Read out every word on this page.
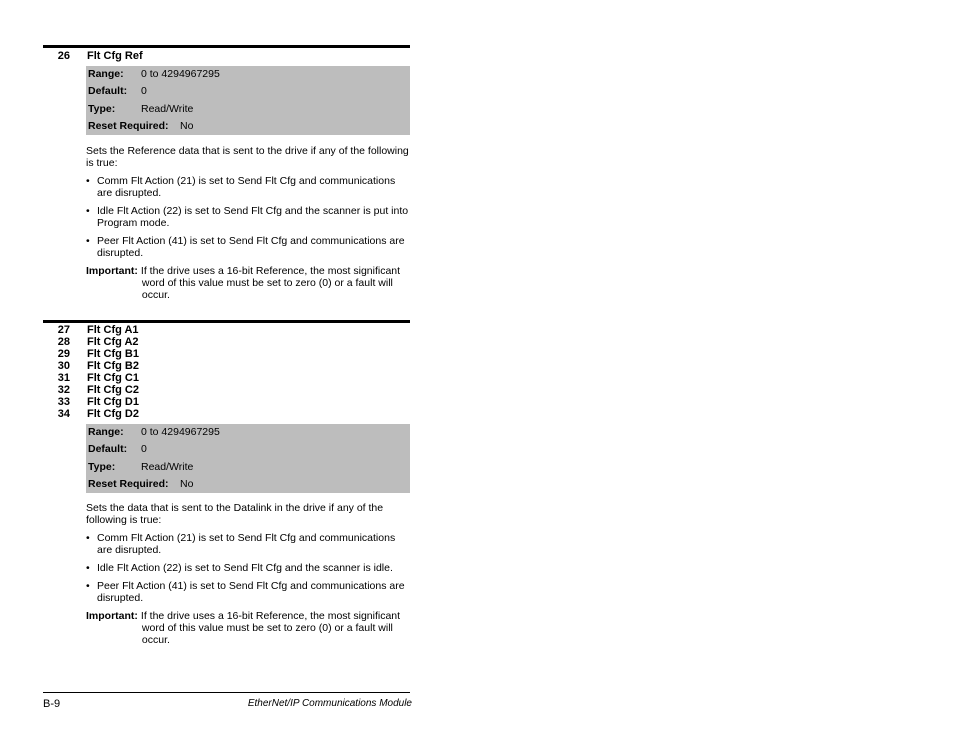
26	Flt Cfg Ref
Range:	0 to 4294967295
Default:	0
Type:	Read/Write
Reset Required:	No

Sets the Reference data that is sent to the drive if any of the following is true:

• Comm Flt Action (21) is set to Send Flt Cfg and communications are disrupted.
• Idle Flt Action (22) is set to Send Flt Cfg and the scanner is put into Program mode.
• Peer Flt Action (41) is set to Send Flt Cfg and communications are disrupted.
Important: If the drive uses a 16-bit Reference, the most significant
word of this value must be set to zero (0) or a fault will occur.
27	Flt Cfg A1
28	Flt Cfg A2
29	Flt Cfg B1
30	Flt Cfg B2
31	Flt Cfg C1
32	Flt Cfg C2
33	Flt Cfg D1
34	Flt Cfg D2
Range:	0 to 4294967295
Default:	0
Type:	Read/Write
Reset Required:	No

Sets the data that is sent to the Datalink in the drive if any of the following is true:

• Comm Flt Action (21) is set to Send Flt Cfg and communications are disrupted.
• Idle Flt Action (22) is set to Send Flt Cfg and the scanner is idle.
• Peer Flt Action (41) is set to Send Flt Cfg and communications are disrupted.
Important: If the drive uses a 16-bit Reference, the most significant
word of this value must be set to zero (0) or a fault will occur.
B-9	EtherNet/IP Communications Module
